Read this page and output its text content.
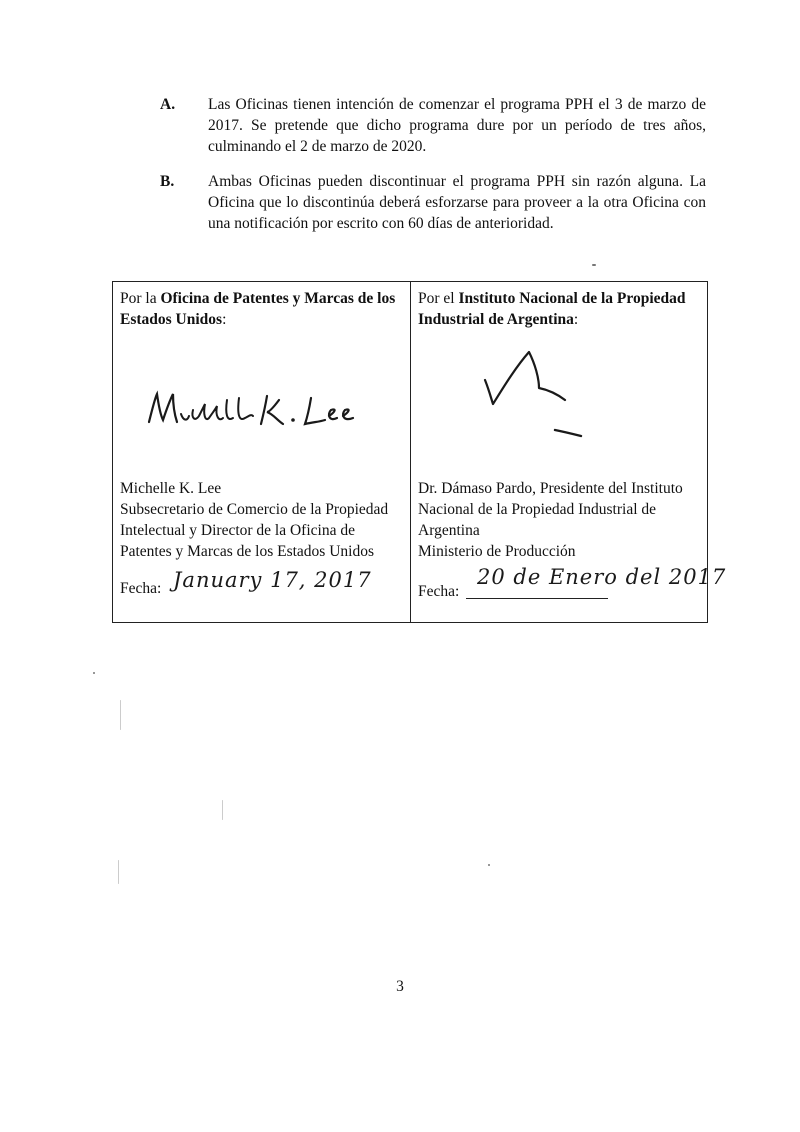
A. Las Oficinas tienen intención de comenzar el programa PPH el 3 de marzo de 2017. Se pretende que dicho programa dure por un período de tres años, culminando el 2 de marzo de 2020.
B. Ambas Oficinas pueden discontinuar el programa PPH sin razón alguna. La Oficina que lo discontinúa deberá esforzarse para proveer a la otra Oficina con una notificación por escrito con 60 días de anterioridad.
Por la Oficina de Patentes y Marcas de los Estados Unidos:
Michelle K. Lee
Subsecretario de Comercio de la Propiedad Intelectual y Director de la Oficina de Patentes y Marcas de los Estados Unidos
Fecha: January 17, 2017
Por el Instituto Nacional de la Propiedad Industrial de Argentina:
Dr. Dámaso Pardo, Presidente del Instituto Nacional de la Propiedad Industrial de Argentina
Ministerio de Producción
Fecha:
20 de Enero del 2017
3
